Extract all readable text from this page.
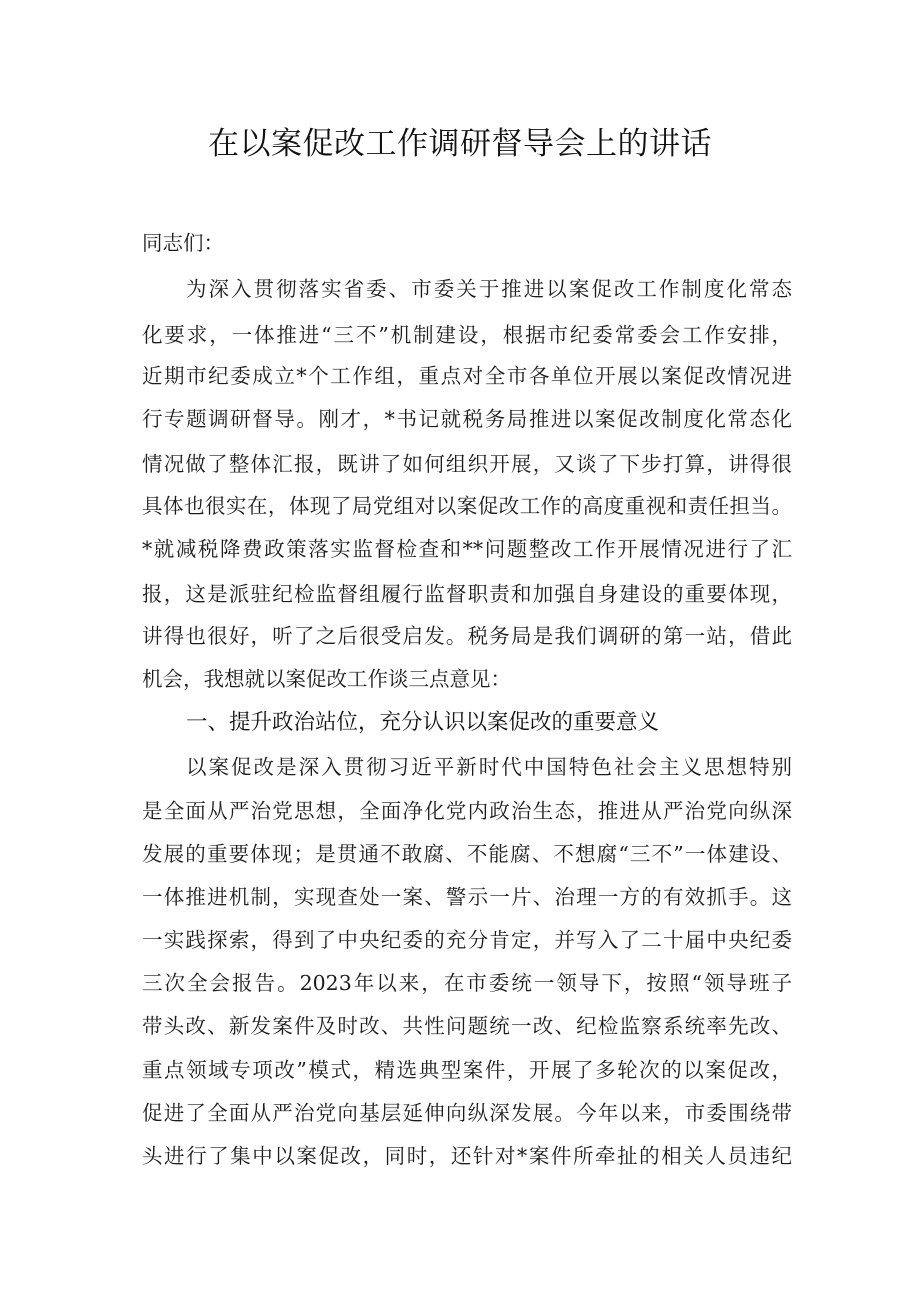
在以案促改工作调研督导会上的讲话

同志们：

为深入贯彻落实省委、市委关于推进以案促改工作制度化常态

化要求，一体推进“三不”机制建设，根据市纪委常委会工作安排，

近期市纪委成立*个工作组，重点对全市各单位开展以案促改情况进

行专题调研督导。刚才，*书记就税务局推进以案促改制度化常态化

情况做了整体汇报，既讲了如何组织开展，又谈了下步打算，讲得很

具体也很实在，体现了局党组对以案促改工作的高度重视和责任担当。

*就减税降费政策落实监督检查和**问题整改工作开展情况进行了汇

报，这是派驻纪检监督组履行监督职责和加强自身建设的重要体现，

讲得也很好，听了之后很受启发。税务局是我们调研的第一站，借此

机会，我想就以案促改工作谈三点意见：

一、提升政治站位，充分认识以案促改的重要意义

以案促改是深入贯彻习近平新时代中国特色社会主义思想特别

是全面从严治党思想，全面净化党内政治生态，推进从严治党向纵深

发展的重要体现；是贯通不敢腐、不能腐、不想腐“三不”一体建设、

一体推进机制，实现查处一案、警示一片、治理一方的有效抓手。这

一实践探索，得到了中央纪委的充分肯定，并写入了二十届中央纪委

三次全会报告。2023年以来，在市委统一领导下，按照“领导班子

带头改、新发案件及时改、共性问题统一改、纪检监察系统率先改、

重点领域专项改”模式，精选典型案件，开展了多轮次的以案促改，

促进了全面从严治党向基层延伸向纵深发展。今年以来，市委围绕带

头进行了集中以案促改，同时，还针对*案件所牵扯的相关人员违纪
